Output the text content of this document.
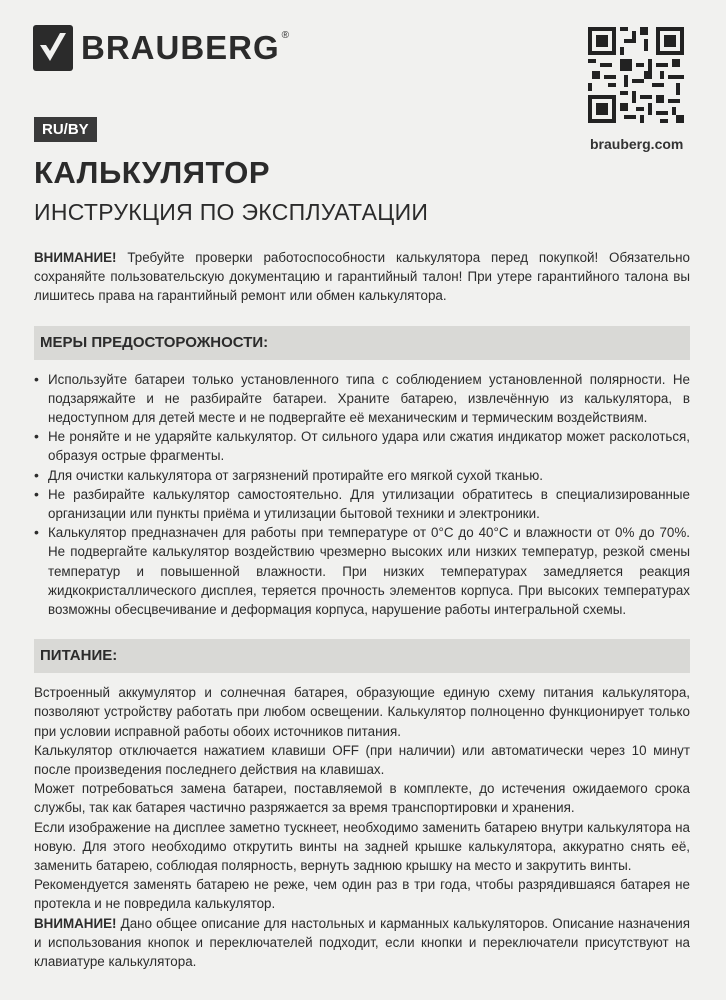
BRAUBERG ®
brauberg.com
RU/BY
КАЛЬКУЛЯТОР
ИНСТРУКЦИЯ ПО ЭКСПЛУАТАЦИИ

ВНИМАНИЕ! Требуйте проверки работоспособности калькулятора перед покупкой! Обязательно сохраняйте пользовательскую документацию и гарантийный талон! При утере гарантийного талона вы лишитесь права на гарантийный ремонт или обмен калькулятора.

МЕРЫ ПРЕДОСТОРОЖНОСТИ:
• Используйте батареи только установленного типа с соблюдением установленной полярности. Не подзаряжайте и не разбирайте батареи. Храните батарею, извлечённую из калькулятора, в недоступном для детей месте и не подвергайте её механическим и термическим воздействиям.
• Не роняйте и не ударяйте калькулятор. От сильного удара или сжатия индикатор может расколоться, образуя острые фрагменты.
• Для очистки калькулятора от загрязнений протирайте его мягкой сухой тканью.
• Не разбирайте калькулятор самостоятельно. Для утилизации обратитесь в специализированные организации или пункты приёма и утилизации бытовой техники и электроники.
• Калькулятор предназначен для работы при температуре от 0°C до 40°C и влажности от 0% до 70%. Не подвергайте калькулятор воздействию чрезмерно высоких или низких температур, резкой смены температур и повышенной влажности. При низких температурах замедляется реакция жидкокристаллического дисплея, теряется прочность элементов корпуса. При высоких температурах возможны обесцвечивание и деформация корпуса, нарушение работы интегральной схемы.
ПИТАНИЕ:

Встроенный аккумулятор и солнечная батарея, образующие единую схему питания калькулятора, позволяют устройству работать при любом освещении. Калькулятор полноценно функционирует только при условии исправной работы обоих источников питания.

Калькулятор отключается нажатием клавиши OFF (при наличии) или автоматически через 10 минут после произведения последнего действия на клавишах.

Может потребоваться замена батареи, поставляемой в комплекте, до истечения ожидаемого срока службы, так как батарея частично разряжается за время транспортировки и хранения.

Если изображение на дисплее заметно тускнеет, необходимо заменить батарею внутри калькулятора на новую. Для этого необходимо открутить винты на задней крышке калькулятора, аккуратно снять её, заменить батарею, соблюдая полярность, вернуть заднюю крышку на место и закрутить винты.

Рекомендуется заменять батарею не реже, чем один раз в три года, чтобы разрядившаяся батарея не протекла и не повредила калькулятор.

ВНИМАНИЕ! Дано общее описание для настольных и карманных калькуляторов. Описание назначения и использования кнопок и переключателей подходит, если кнопки и переключатели присутствуют на клавиатуре калькулятора.
